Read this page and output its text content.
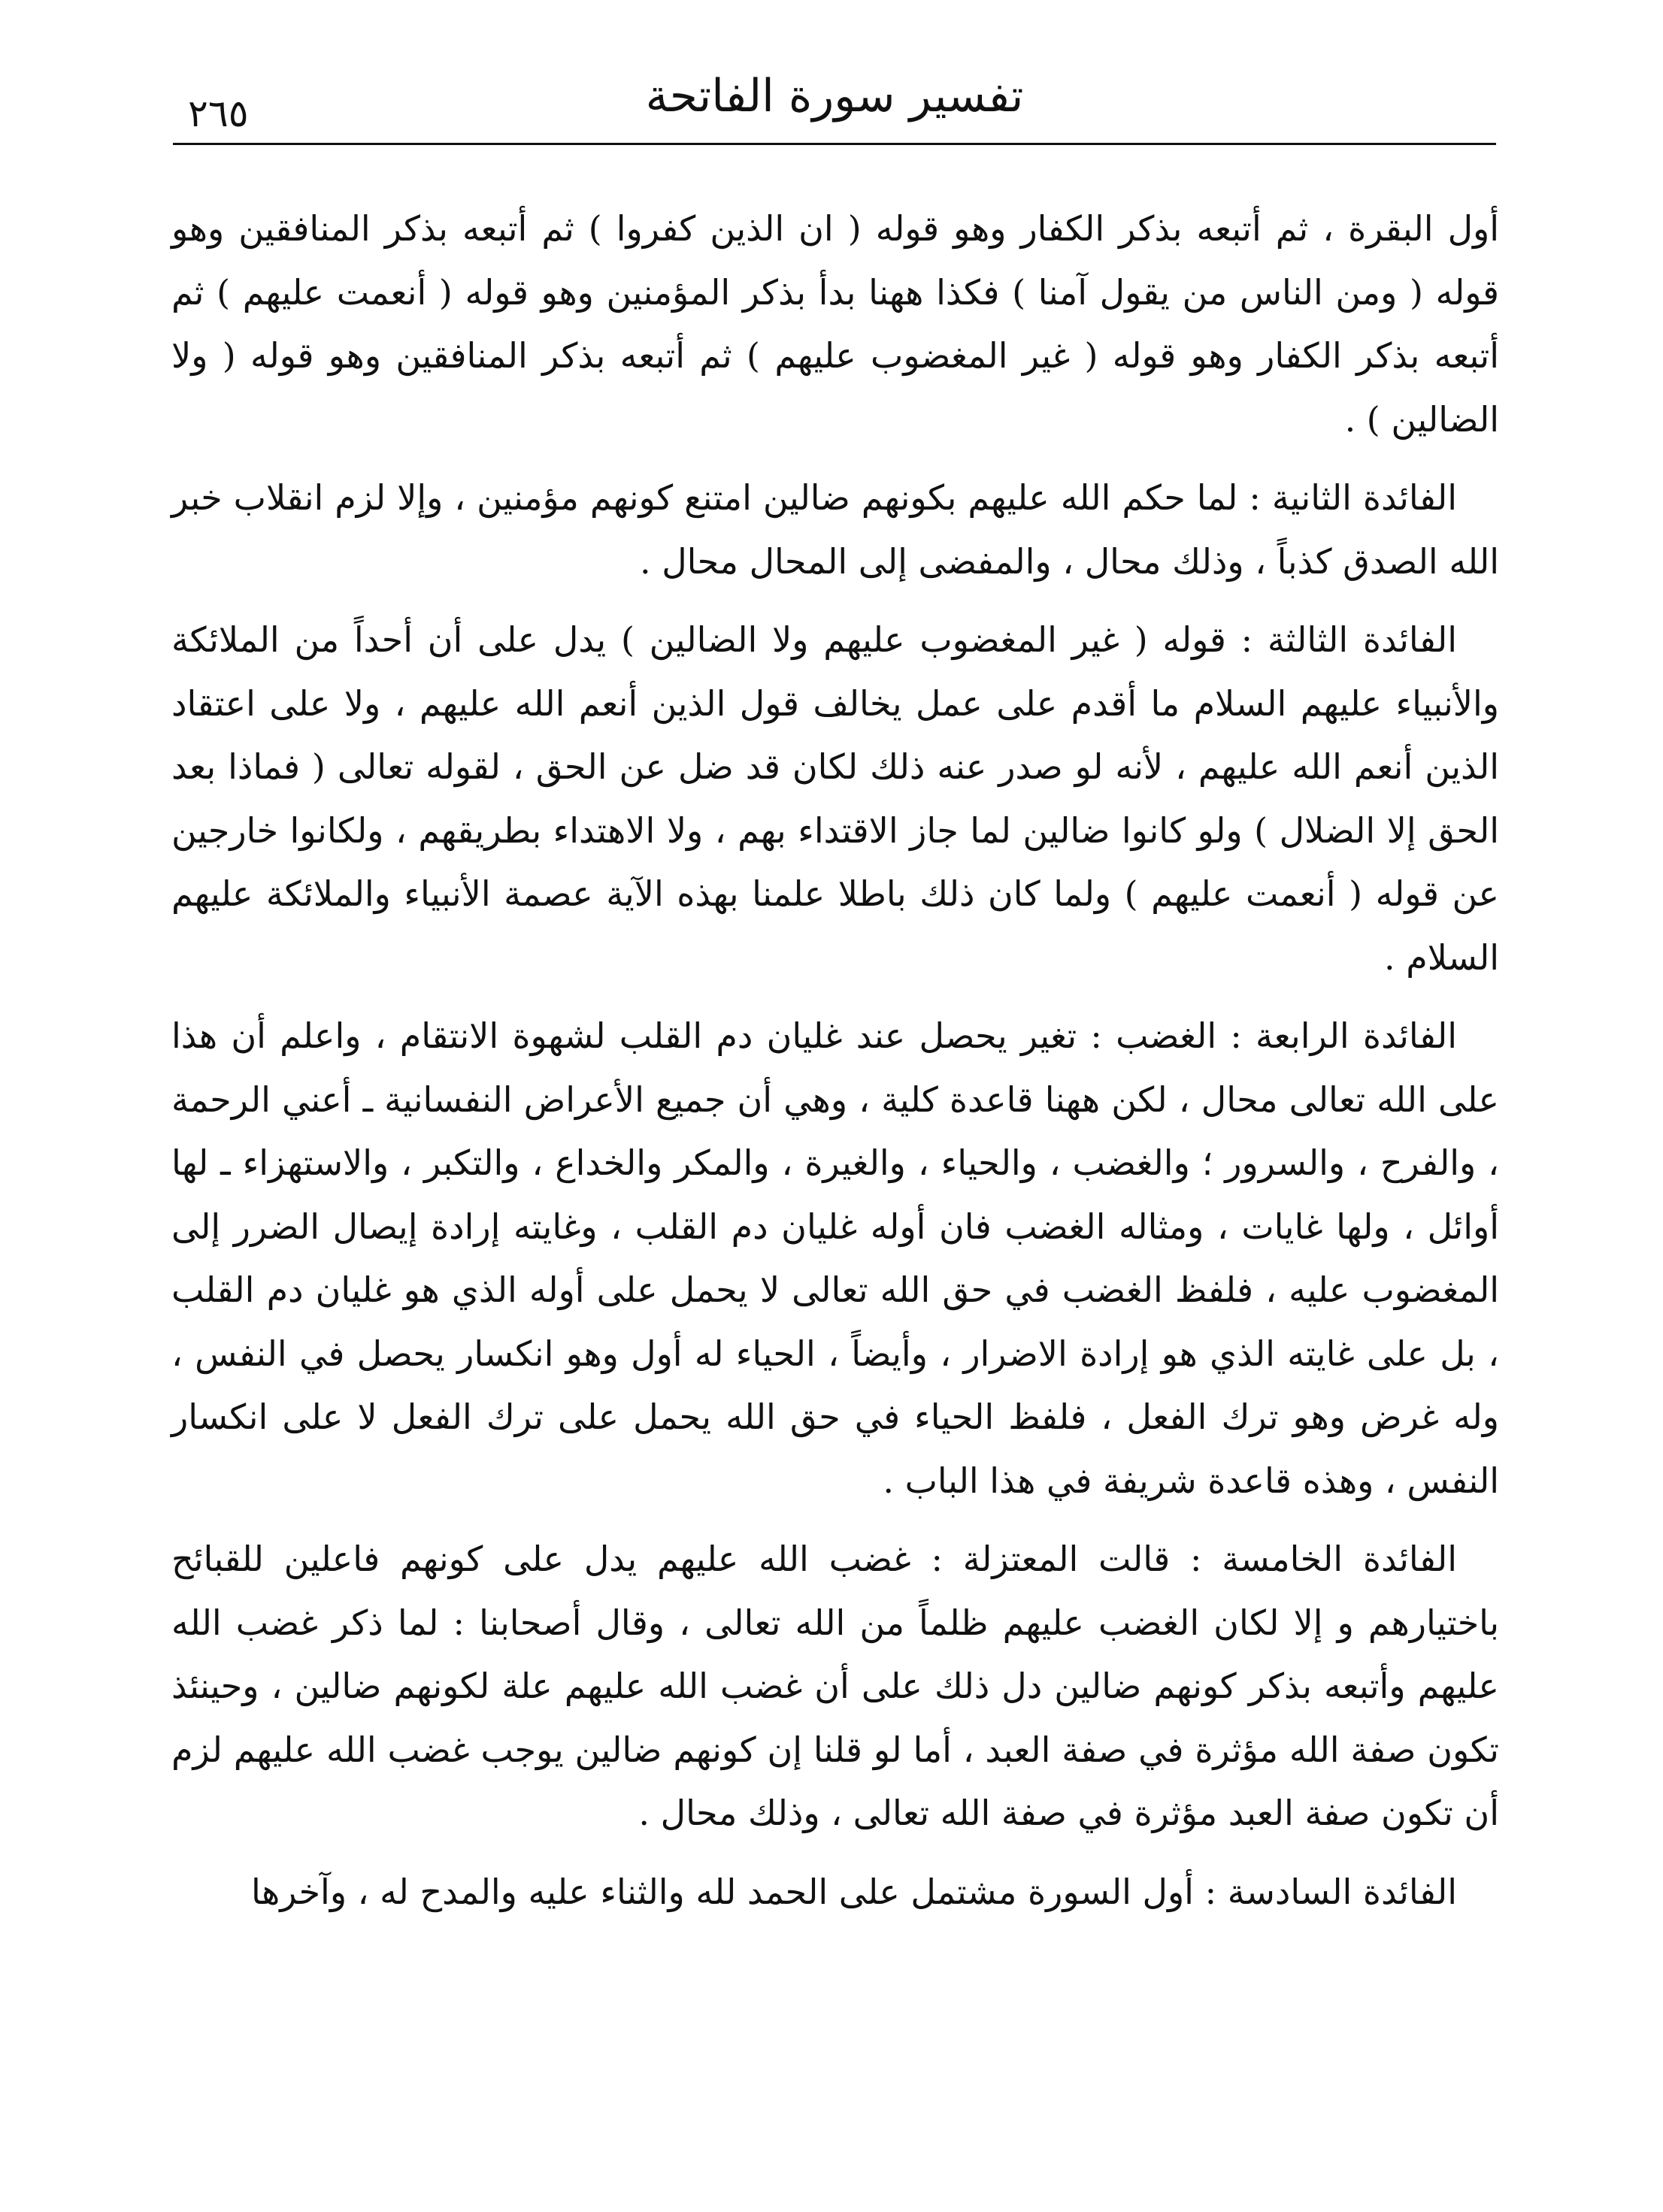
تفسير سورة الفاتحة
٢٦٥

أول البقرة ، ثم أتبعه بذكر الكفار وهو قوله ( ان الذين كفروا ) ثم أتبعه بذكر المنافقين وهو قوله ( ومن الناس من يقول آمنا ) فكذا ههنا بدأ بذكر المؤمنين وهو قوله ( أنعمت عليهم ) ثم أتبعه بذكر الكفار وهو قوله ( غير المغضوب عليهم ) ثم أتبعه بذكر المنافقين وهو قوله ( ولا الضالين ) .

الفائدة الثانية : لما حكم الله عليهم بكونهم ضالين امتنع كونهم مؤمنين ، وإلا لزم انقلاب خبر الله الصدق كذباً ، وذلك محال ، والمفضى إلى المحال محال .

الفائدة الثالثة : قوله ( غير المغضوب عليهم ولا الضالين ) يدل على أن أحداً من الملائكة والأنبياء عليهم السلام ما أقدم على عمل يخالف قول الذين أنعم الله عليهم ، ولا على اعتقاد الذين أنعم الله عليهم ، لأنه لو صدر عنه ذلك لكان قد ضل عن الحق ، لقوله تعالى ( فماذا بعد الحق إلا الضلال ) ولو كانوا ضالين لما جاز الاقتداء بهم ، ولا الاهتداء بطريقهم ، ولكانوا خارجين عن قوله ( أنعمت عليهم ) ولما كان ذلك باطلا علمنا بهذه الآية عصمة الأنبياء والملائكة عليهم السلام .

الفائدة الرابعة : الغضب : تغير يحصل عند غليان دم القلب لشهوة الانتقام ، واعلم أن هذا على الله تعالى محال ، لكن ههنا قاعدة كلية ، وهي أن جميع الأعراض النفسانية ـ أعني الرحمة ، والفرح ، والسرور ؛ والغضب ، والحياء ، والغيرة ، والمكر والخداع ، والتكبر ، والاستهزاء ـ لها أوائل ، ولها غايات ، ومثاله الغضب فان أوله غليان دم القلب ، وغايته إرادة إيصال الضرر إلى المغضوب عليه ، فلفظ الغضب في حق الله تعالى لا يحمل على أوله الذي هو غليان دم القلب ، بل على غايته الذي هو إرادة الاضرار ، وأيضاً ، الحياء له أول وهو انكسار يحصل في النفس ، وله غرض وهو ترك الفعل ، فلفظ الحياء في حق الله يحمل على ترك الفعل لا على انكسار النفس ، وهذه قاعدة شريفة في هذا الباب .

الفائدة الخامسة : قالت المعتزلة : غضب الله عليهم يدل على كونهم فاعلين للقبائح باختيارهم و إلا لكان الغضب عليهم ظلماً من الله تعالى ، وقال أصحابنا : لما ذكر غضب الله عليهم وأتبعه بذكر كونهم ضالين دل ذلك على أن غضب الله عليهم علة لكونهم ضالين ، وحينئذ تكون صفة الله مؤثرة في صفة العبد ، أما لو قلنا إن كونهم ضالين يوجب غضب الله عليهم لزم أن تكون صفة العبد مؤثرة في صفة الله تعالى ، وذلك محال .

الفائدة السادسة : أول السورة مشتمل على الحمد لله والثناء عليه والمدح له ، وآخرها
